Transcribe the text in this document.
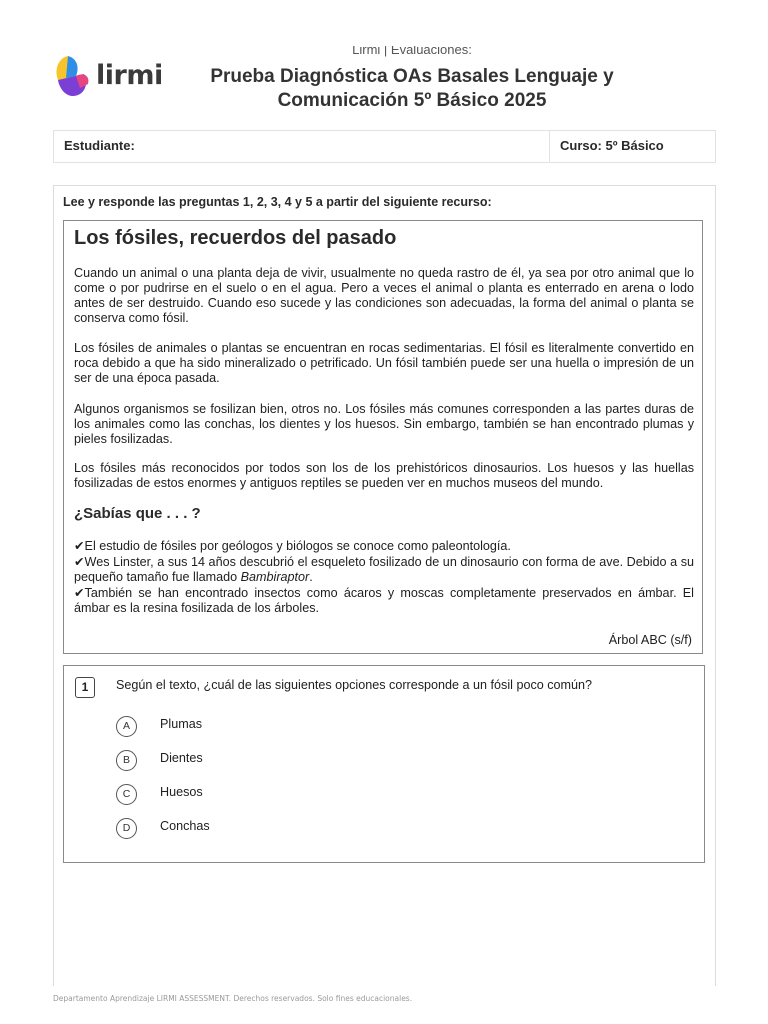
lirmi
Lirmi | Evaluaciones:
Prueba Diagnóstica OAs Basales Lenguaje y Comunicación 5º Básico 2025
Estudiante:	Curso: 5º Básico
Lee y responde las preguntas 1, 2, 3, 4 y 5 a partir del siguiente recurso:
Los fósiles, recuerdos del pasado
Cuando un animal o una planta deja de vivir, usualmente no queda rastro de él, ya sea por otro animal que lo come o por pudrirse en el suelo o en el agua. Pero a veces el animal o planta es enterrado en arena o lodo antes de ser destruido. Cuando eso sucede y las condiciones son adecuadas, la forma del animal o planta se conserva como fósil.
Los fósiles de animales o plantas se encuentran en rocas sedimentarias. El fósil es literalmente convertido en roca debido a que ha sido mineralizado o petrificado. Un fósil también puede ser una huella o impresión de un ser de una época pasada.
Algunos organismos se fosilizan bien, otros no. Los fósiles más comunes corresponden a las partes duras de los animales como las conchas, los dientes y los huesos. Sin embargo, también se han encontrado plumas y pieles fosilizadas.
Los fósiles más reconocidos por todos son los de los prehistóricos dinosaurios. Los huesos y las huellas fosilizadas de estos enormes y antiguos reptiles se pueden ver en muchos museos del mundo.
¿Sabías que . . . ?
✔El estudio de fósiles por geólogos y biólogos se conoce como paleontología.
✔Wes Linster, a sus 14 años descubrió el esqueleto fosilizado de un dinosaurio con forma de ave. Debido a su pequeño tamaño fue llamado Bambiraptor.
✔También se han encontrado insectos como ácaros y moscas completamente preservados en ámbar. El ámbar es la resina fosilizada de los árboles.
Árbol ABC (s/f)
1	Según el texto, ¿cuál de las siguientes opciones corresponde a un fósil poco común?
A	Plumas
B	Dientes
C	Huesos
D	Conchas
Departamento Aprendizaje LIRMI ASSESSMENT. Derechos reservados. Solo fines educacionales.
